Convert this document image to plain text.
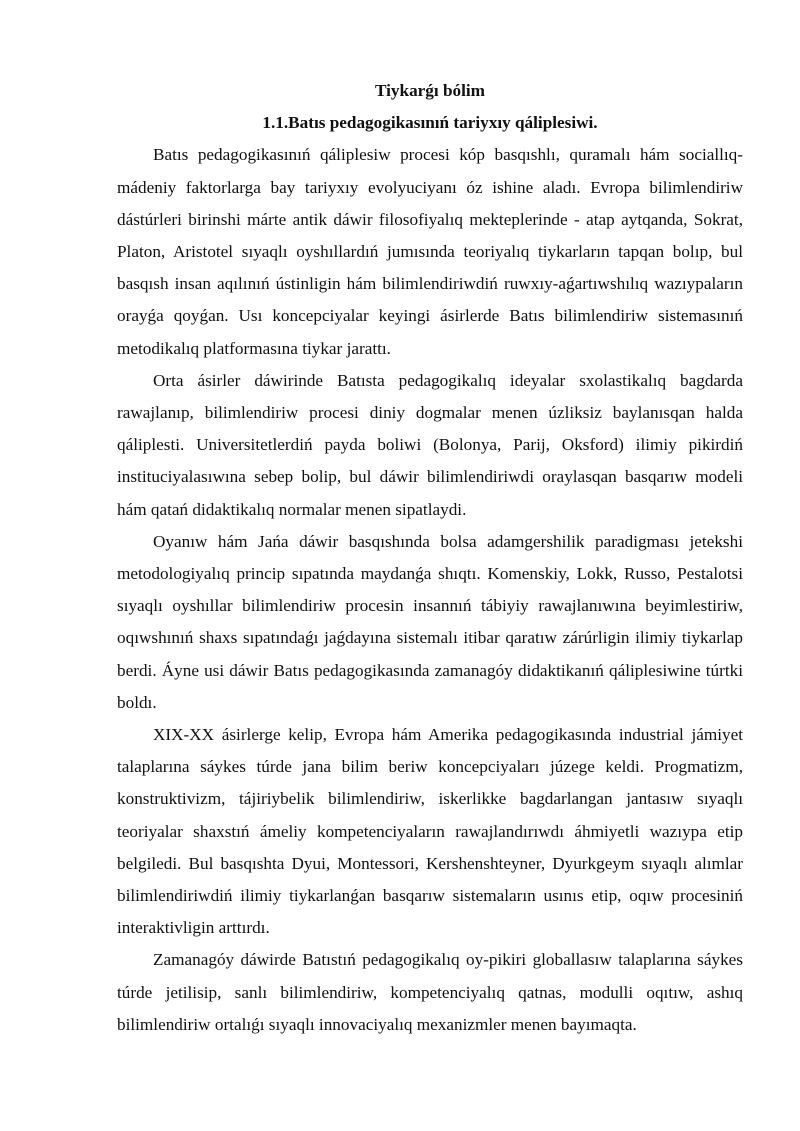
Tiykarǵı bólim

1.1.Batıs pedagogikasınıń tariyxıy qáliplesiwi.

Batıs pedagogikasınıń qáliplesiw procesi kóp basqıshlı, quramalı hám sociallıq-mádeniy faktorlarga bay tariyxıy evolyuciyanı óz ishine aladı. Evropa bilimlendiriw dástúrleri birinshi márte antik dáwir filosofiyalıq mekteplerinde - atap aytqanda, Sokrat, Platon, Aristotel sıyaqlı oyshıllardıń jumısında teoriyalıq tiykarların tapqan bolıp, bul basqısh insan aqılınıń ústinligin hám bilimlendiriwdiń ruwxıy-aǵartıwshılıq wazıypaların orayǵa qoyǵan. Usı koncepciyalar keyingi ásirlerde Batıs bilimlendiriw sistemasınıń metodikalıq platformasına tiykar jarattı.

Orta ásirler dáwirinde Batısta pedagogikalıq ideyalar sxolastikalıq bagdarda rawajlanıp, bilimlendiriw procesi diniy dogmalar menen úzliksiz baylanısqan halda qáliplesti. Universitetlerdiń payda boliwi (Bolonya, Parij, Oksford) ilimiy pikirdiń instituciyalasıwına sebep bolip, bul dáwir bilimlendiriwdi oraylasqan basqarıw modeli hám qatań didaktikalıq normalar menen sipatlaydi.

Oyanıw hám Jańa dáwir basqıshında bolsa adamgershilik paradigması jetekshi metodologiyalıq princip sıpatında maydanǵa shıqtı. Komenskiy, Lokk, Russo, Pestalotsi sıyaqlı oyshıllar bilimlendiriw procesin insannıń tábiyiy rawajlanıwına beyimlestiriw, oqıwshınıń shaxs sıpatındaǵı jaǵdayına sistemalı itibar qaratıw zárúrligin ilimiy tiykarlap berdi. Áyne usi dáwir Batıs pedagogikasında zamanagóy didaktikanıń qáliplesiwine túrtki boldı.

XIX-XX ásirlerge kelip, Evropa hám Amerika pedagogikasında industrial jámiyet talaplarına sáykes túrde jana bilim beriw koncepciyaları júzege keldi. Progmatizm, konstruktivizm, tájiriybelik bilimlendiriw, iskerlikke bagdarlangan jantasıw sıyaqlı teoriyalar shaxstıń ámeliy kompetenciyaların rawajlandırıwdı áhmiyetli wazıypa etip belgiledi. Bul basqıshta Dyui, Montessori, Kershenshteyner, Dyurkgeym sıyaqlı alımlar bilimlendiriwdiń ilimiy tiykarlanǵan basqarıw sistemaların usınıs etip, oqıw procesiniń interaktivligin arttırdı.

Zamanagóy dáwirde Batıstıń pedagogikalıq oy-pikiri globallasıw talaplarına sáykes túrde jetilisip, sanlı bilimlendiriw, kompetenciyalıq qatnas, modulli oqıtıw, ashıq bilimlendiriw ortalıǵı sıyaqlı innovaciyalıq mexanizmler menen bayımaqta.
